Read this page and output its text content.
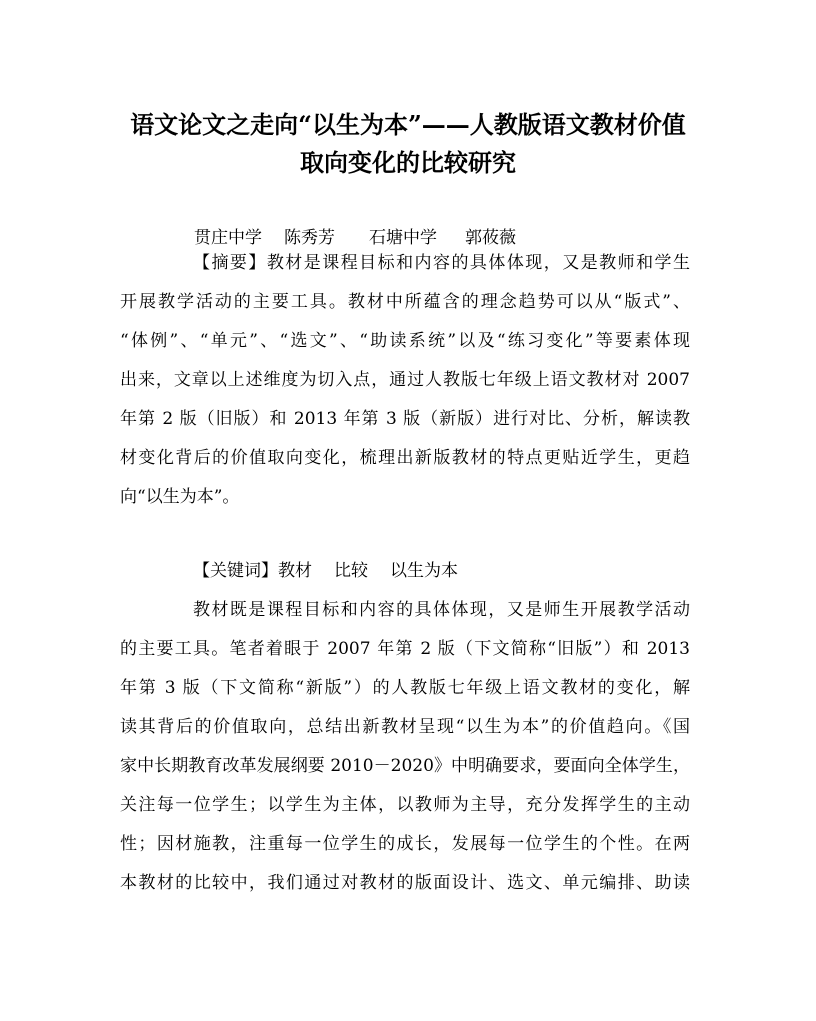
语文论文之走向“以生为本”——人教版语文教材价值
取向变化的比较研究
贯庄中学 陈秀芳 石塘中学 郭莜薇
【摘要】教材是课程目标和内容的具体体现，又是教师和学生
开展教学活动的主要工具。教材中所蕴含的理念趋势可以从“版式”、
“体例”、“单元”、“选文”、“助读系统”以及“练习变化”等要素体现
出来，文章以上述维度为切入点，通过人教版七年级上语文教材对 2007
年第 2 版（旧版）和 2013 年第 3 版（新版）进行对比、分析，解读教
材变化背后的价值取向变化，梳理出新版教材的特点更贴近学生，更趋
向“以生为本”。
【关键词】教材 比较 以生为本
教材既是课程目标和内容的具体体现，又是师生开展教学活动
的主要工具。笔者着眼于 2007 年第 2 版（下文简称“旧版”）和 2013
年第 3 版（下文简称“新版”）的人教版七年级上语文教材的变化，解
读其背后的价值取向，总结出新教材呈现“以生为本”的价值趋向。《国
家中长期教育改革发展纲要 2010－2020》中明确要求，要面向全体学生，
关注每一位学生；以学生为主体，以教师为主导，充分发挥学生的主动
性；因材施教，注重每一位学生的成长，发展每一位学生的个性。在两
本教材的比较中，我们通过对教材的版面设计、选文、单元编排、助读
